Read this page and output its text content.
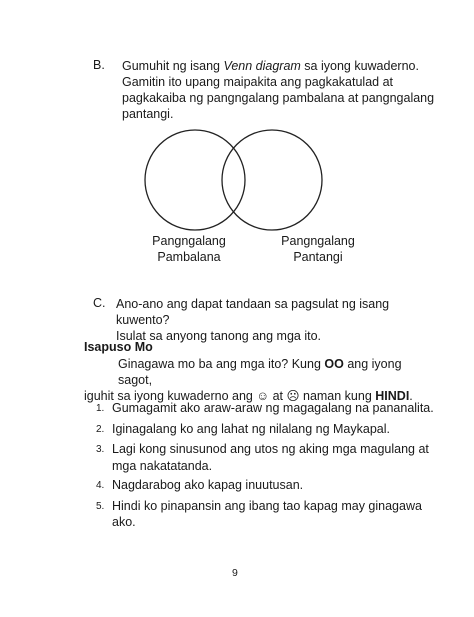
B. Gumuhit ng isang Venn diagram sa iyong kuwaderno.
Gamitin ito upang maipakita ang pagkakatulad at
pagkakaiba ng pangngalang pambalana at pangngalang
pantangi.
Pangngalang
Pambalana
Pangngalang
Pantangi
C. Ano-ano ang dapat tandaan sa pagsulat ng isang kuwento?
Isulat sa anyong tanong ang mga ito.
Isapuso Mo
Ginagawa mo ba ang mga ito? Kung OO ang iyong sagot,
iguhit sa iyong kuwaderno ang ☺ at ☹ naman kung HINDI.
1. Gumagamit ako araw-araw ng magagalang na pananalita.
2. Iginagalang ko ang lahat ng nilalang ng Maykapal.
3. Lagi kong sinusunod ang utos ng aking mga magulang at mga nakatatanda.
4. Nagdarabog ako kapag inuutusan.
5. Hindi ko pinapansin ang ibang tao kapag may ginagawa ako.
9
